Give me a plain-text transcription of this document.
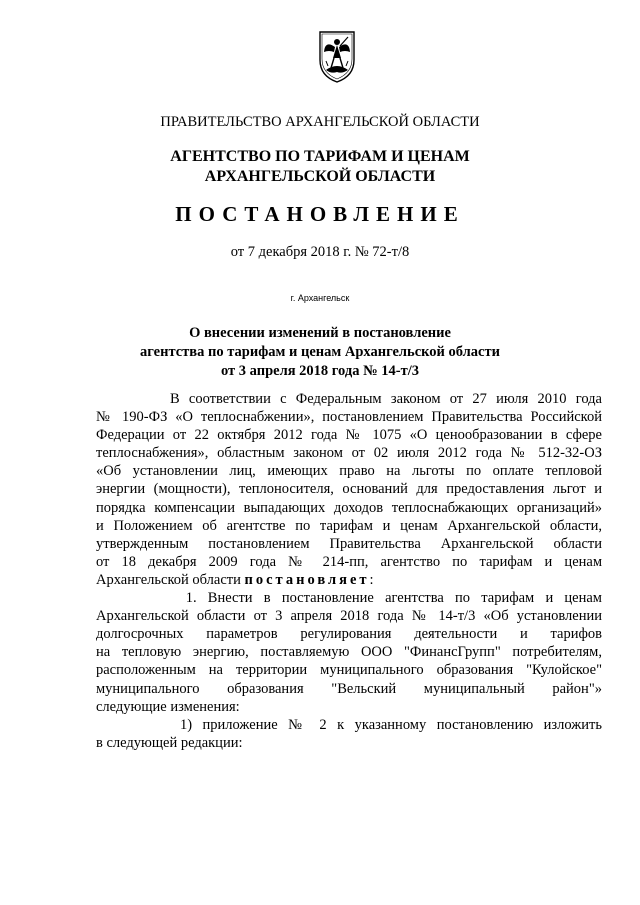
ПРАВИТЕЛЬСТВО АРХАНГЕЛЬСКОЙ ОБЛАСТИ
АГЕНТСТВО ПО ТАРИФАМ И ЦЕНАМ
АРХАНГЕЛЬСКОЙ ОБЛАСТИ
ПОСТАНОВЛЕНИЕ
от 7 декабря 2018 г. № 72-т/8
г. Архангельск
О внесении изменений в постановление
агентства по тарифам и ценам Архангельской области
от 3 апреля 2018 года № 14-т/3

В соответствии с Федеральным законом от 27 июля 2010 года

№ 190-ФЗ «О теплоснабжении», постановлением Правительства Российской

Федерации от 22 октября 2012 года № 1075 «О ценообразовании в сфере

теплоснабжения», областным законом от 02 июля 2012 года № 512-32-ОЗ

«Об установлении лиц, имеющих право на льготы по оплате тепловой

энергии (мощности), теплоносителя, оснований для предоставления льгот и

порядка компенсации выпадающих доходов теплоснабжающих организаций»

и Положением об агентстве по тарифам и ценам Архангельской области,

утвержденным постановлением Правительства Архангельской области

от 18 декабря 2009 года № 214-пп, агентство по тарифам и ценам

Архангельской области постановляет:

1. Внести в постановление агентства по тарифам и ценам

Архангельской области от 3 апреля 2018 года № 14-т/3 «Об установлении

долгосрочных параметров регулирования деятельности и тарифов

на тепловую энергию, поставляемую ООО "ФинансГрупп" потребителям,

расположенным на территории муниципального образования "Кулойское"

муниципального образования "Вельский муниципальный район"»

следующие изменения:

1) приложение № 2 к указанному постановлению изложить

в следующей редакции:
